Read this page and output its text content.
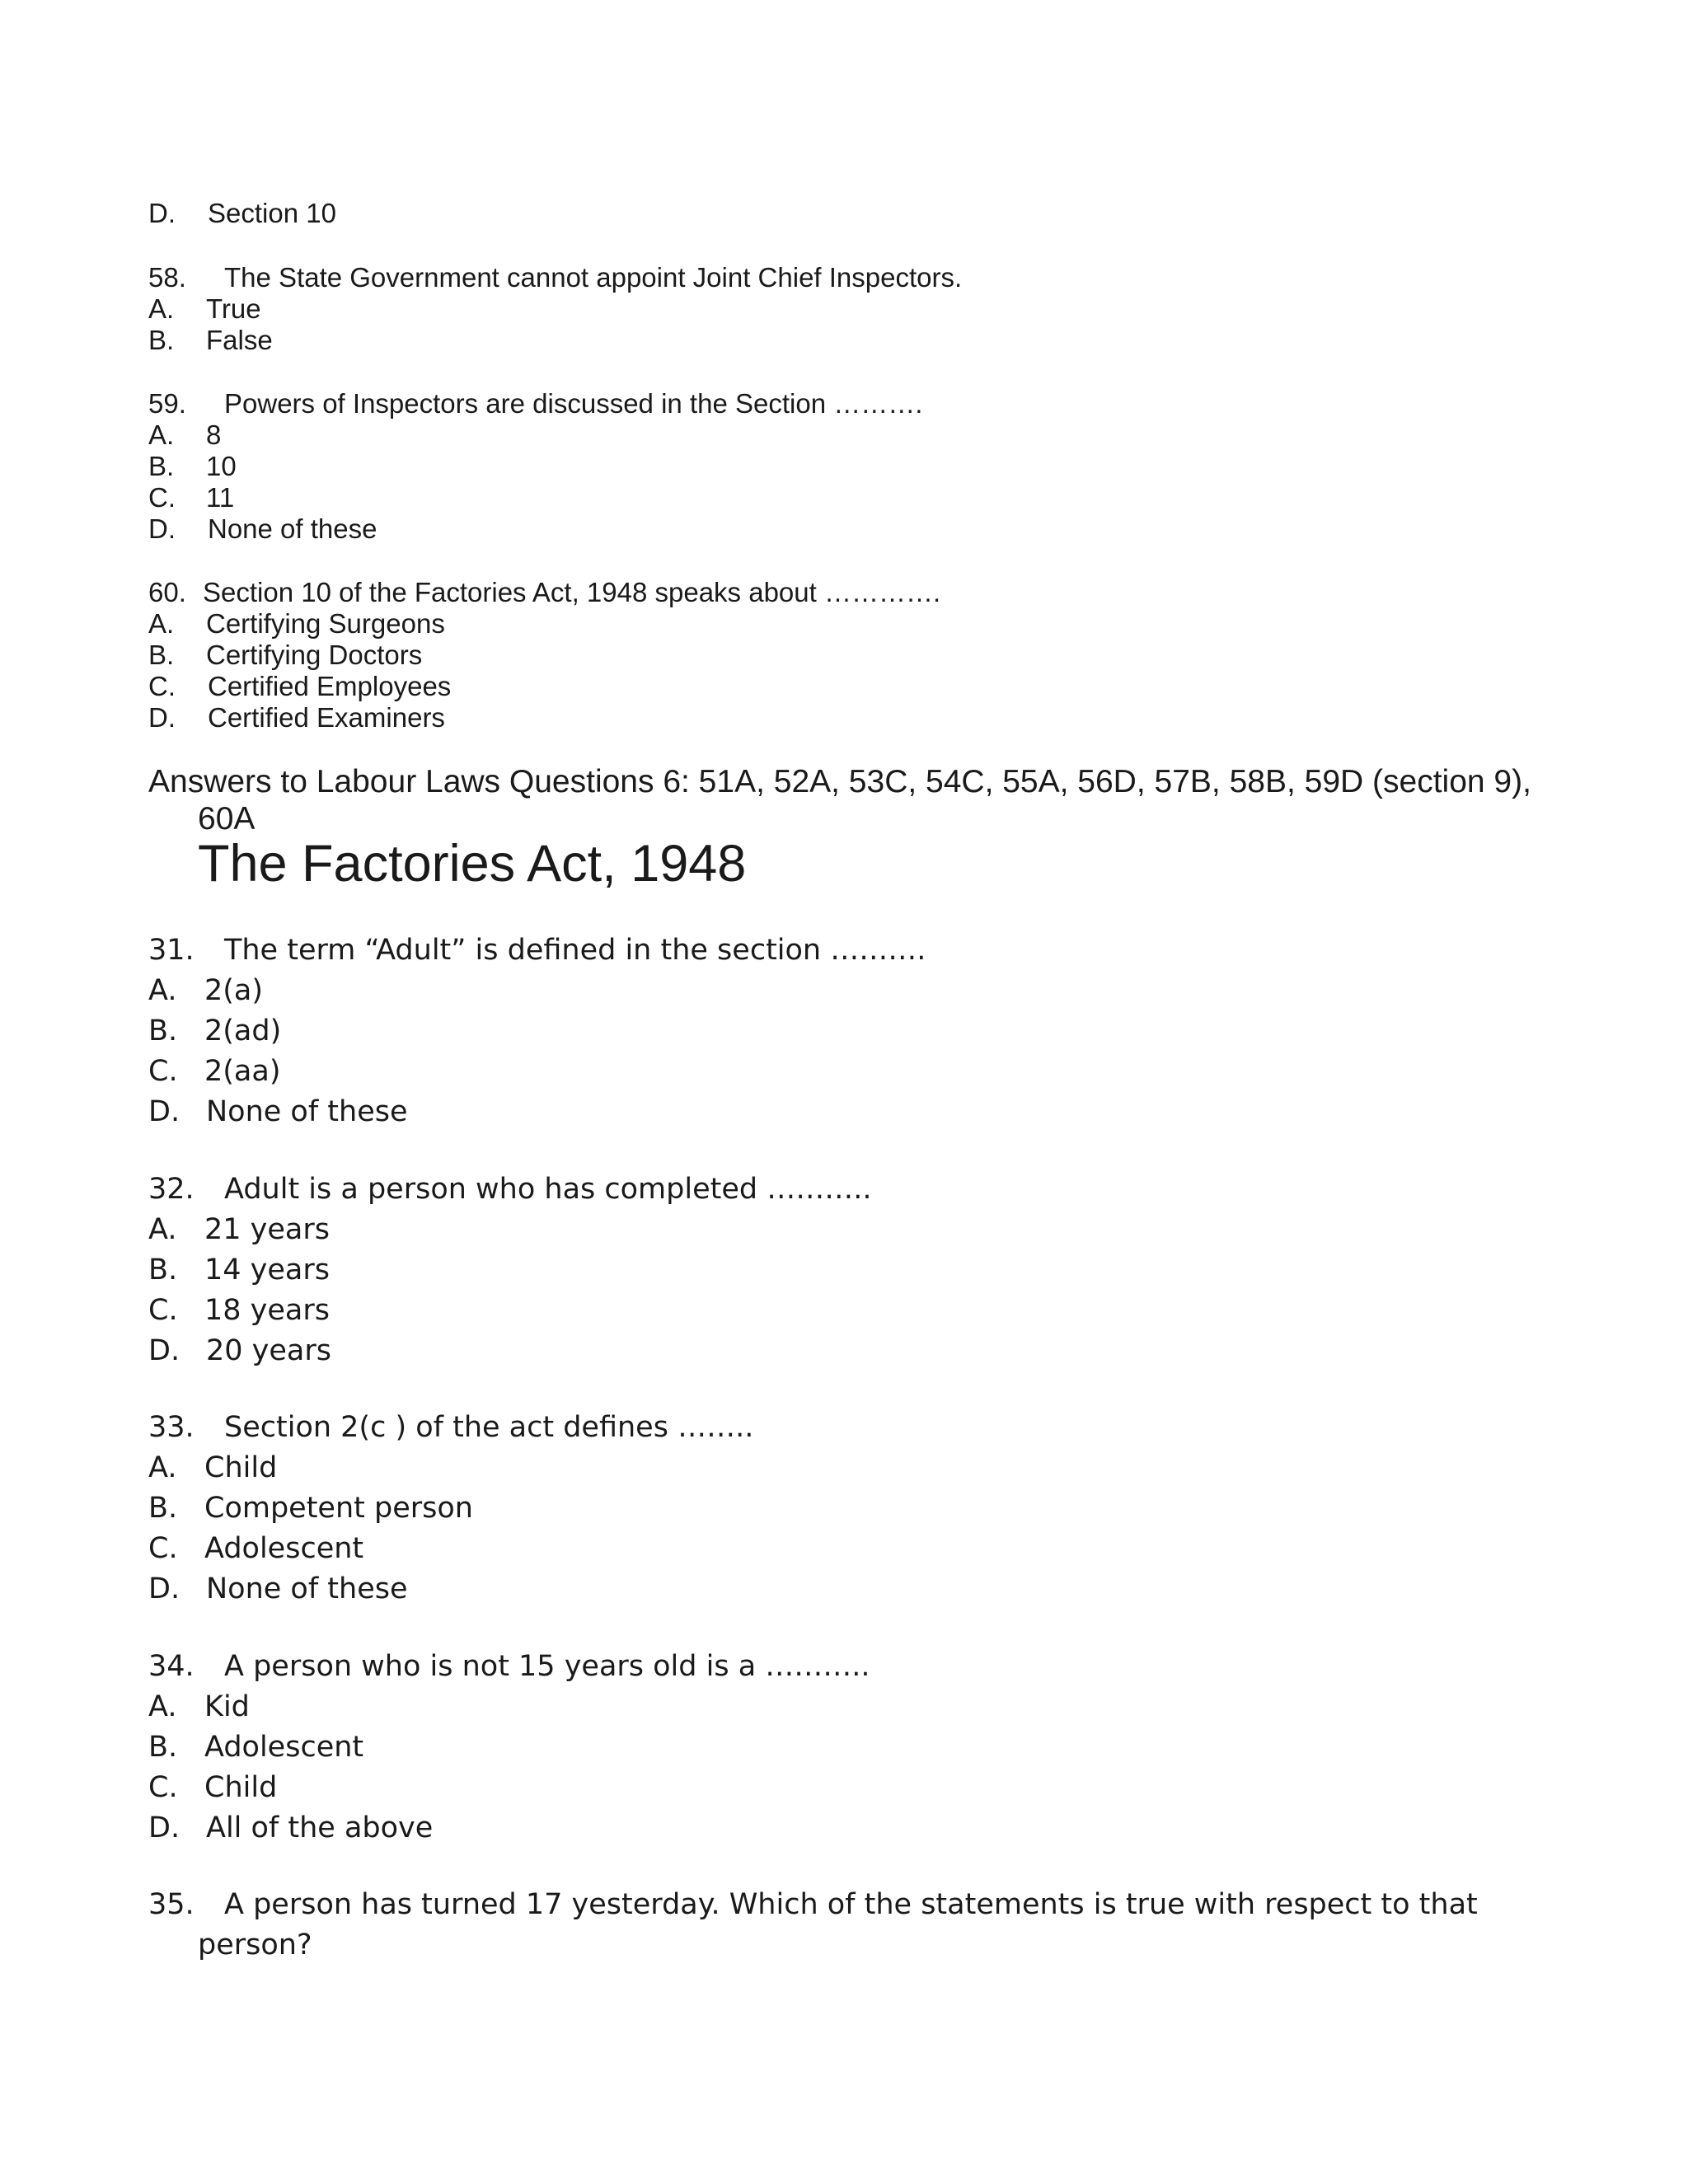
D. Section 10
58. The State Government cannot appoint Joint Chief Inspectors.
A. True
B. False
59. Powers of Inspectors are discussed in the Section ……….
A. 8
B. 10
C. 11
D. None of these
60. Section 10 of the Factories Act, 1948 speaks about ………….
A. Certifying Surgeons
B. Certifying Doctors
C. Certified Employees
D. Certified Examiners
Answers to Labour Laws Questions 6: 51A, 52A, 53C, 54C, 55A, 56D, 57B, 58B, 59D (section 9),
60A
The Factories Act, 1948
31. The term “Adult” is defined in the section ……….
A. 2(a)
B. 2(ad)
C. 2(aa)
D. None of these
32. Adult is a person who has completed ………..
A. 21 years
B. 14 years
C. 18 years
D. 20 years
33. Section 2(c ) of the act defines ……..
A. Child
B. Competent person
C. Adolescent
D. None of these
34. A person who is not 15 years old is a ………..
A. Kid
B. Adolescent
C. Child
D. All of the above
35. A person has turned 17 yesterday. Which of the statements is true with respect to that
person?
